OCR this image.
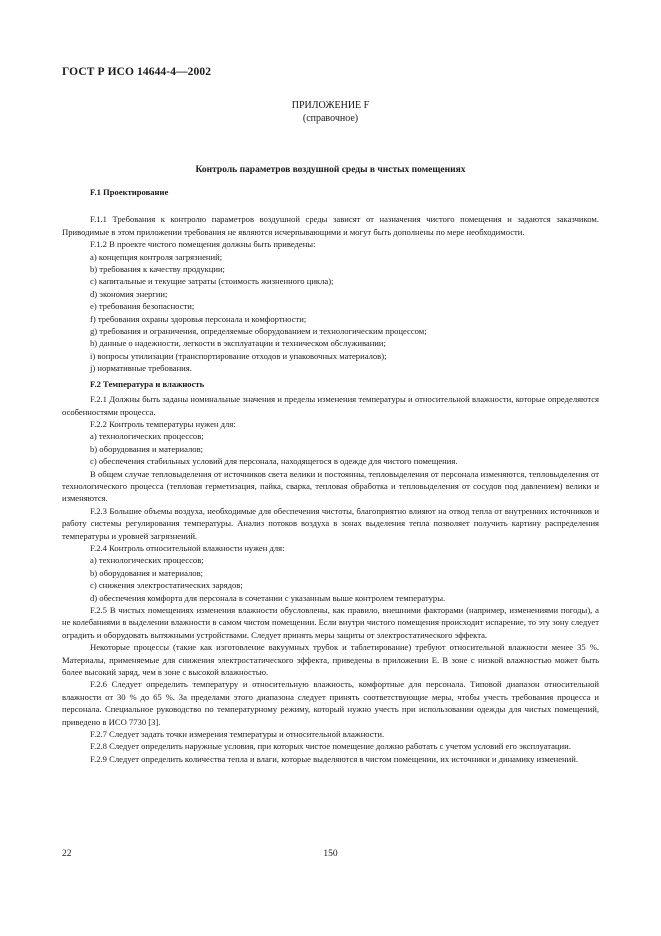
ГОСТ Р ИСО 14644-4—2002
ПРИЛОЖЕНИЕ F
(справочное)
Контроль параметров воздушной среды в чистых помещениях
F.1 Проектирование

F.1.1 Требования к контролю параметров воздушной среды зависят от назначения чистого помещения и задаются заказчиком. Приводимые в этом приложении требования не являются исчерпывающими и могут быть дополнены по мере необходимости.

F.1.2 В проекте чистого помещения должны быть приведены:

а) концепция контроля загрязнений;

b) требования к качеству продукции;

c) капитальные и текущие затраты (стоимость жизненного цикла);

d) экономия энергии;

e) требования безопасности;

f) требования охраны здоровья персонала и комфортности;

g) требования и ограничения, определяемые оборудованием и технологическим процессом;

h) данные о надежности, легкости в эксплуатации и техническом обслуживании;

i) вопросы утилизации (транспортирование отходов и упаковочных материалов);

j) нормативные требования.

F.2 Температура и влажность

F.2.1 Должны быть заданы номинальные значения и пределы изменения температуры и относительной влажности, которые определяются особенностями процесса.

F.2.2 Контроль температуры нужен для:

а) технологических процессов;

b) оборудования и материалов;

c) обеспечения стабильных условий для персонала, находящегося в одежде для чистого помещения.

В общем случае тепловыделения от источников света велики и постоянны, тепловыделения от персонала изменяются, тепловыделения от технологического процесса (тепловая герметизация, пайка, сварка, тепловая обработка и тепловыделения от сосудов под давлением) велики и изменяются.

F.2.3 Большие объемы воздуха, необходимые для обеспечения чистоты, благоприятно влияют на отвод тепла от внутренних источников и работу системы регулирования температуры. Анализ потоков воздуха в зонах выделения тепла позволяет получить картину распределения температуры и уровней загрязнений.

F.2.4 Контроль относительной влажности нужен для:

а) технологических процессов;

b) оборудования и материалов;

c) снижения электростатических зарядов;

d) обеспечения комфорта для персонала в сочетании с указанным выше контролем температуры.

F.2.5 В чистых помещениях изменения влажности обусловлены, как правило, внешними факторами (например, изменениями погоды), а не колебаниями в выделении влажности в самом чистом помещении. Если внутри чистого помещения происходит испарение, то эту зону следует оградить и оборудовать вытяжными устройствами. Следует принять меры защиты от электростатического эффекта.

Некоторые процессы (такие как изготовление вакуумных трубок и таблетирование) требуют относительной влажности менее 35 %. Материалы, применяемые для снижения электростатического эффекта, приведены в приложении E. В зоне с низкой влажностью может быть более высокий заряд, чем в зоне с высокой влажностью.

F.2.6 Следует определить температуру и относительную влажность, комфортные для персонала. Типовой диапазон относительной влажности от 30 % до 65 %. За пределами этого диапазона следует принять соответствующие меры, чтобы учесть требования процесса и персонала. Специальное руководство по температурному режиму, который нужно учесть при использовании одежды для чистых помещений, приведено в ИСО 7730 [3].

F.2.7 Следует задать точки измерения температуры и относительной влажности.

F.2.8 Следует определить наружные условия, при которых чистое помещение должно работать с учетом условий его эксплуатации.

F.2.9 Следует определить количества тепла и влаги, которые выделяются в чистом помещении, их источники и динамику изменений.

22	150
